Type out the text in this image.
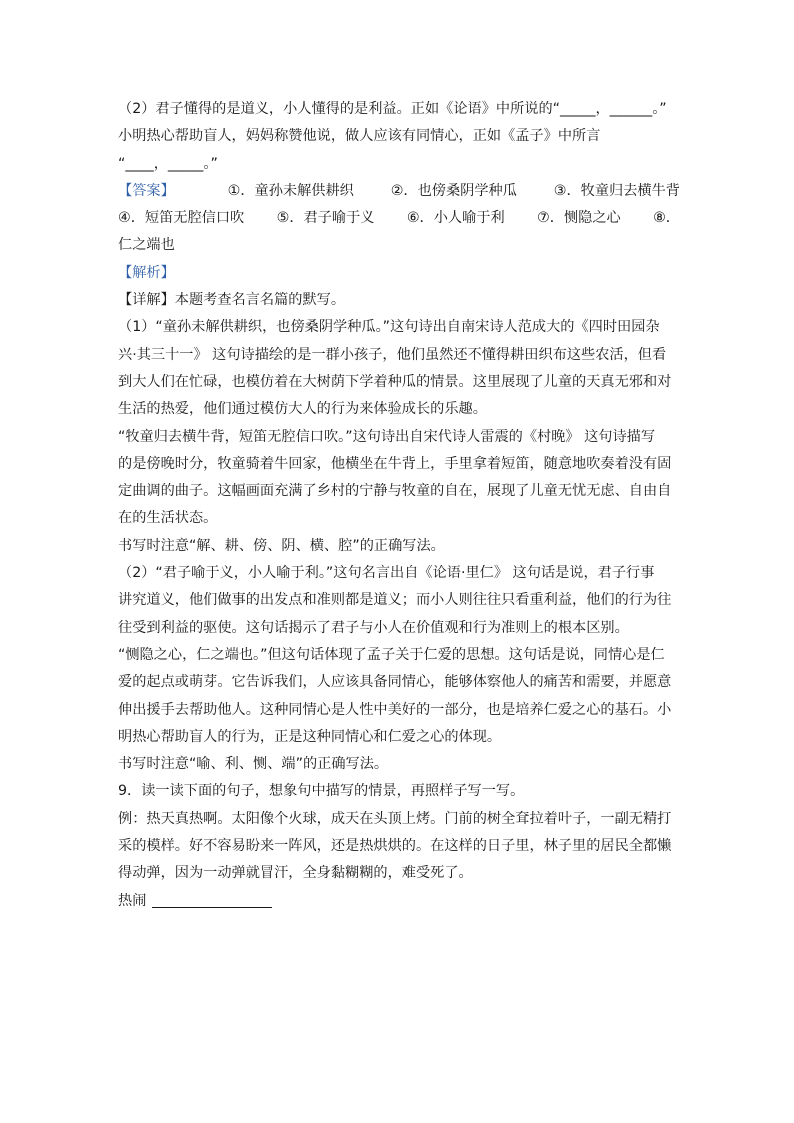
（2）君子懂得的是道义，小人懂得的是利益。正如《论语》中所说的“_____，______。”
小明热心帮助盲人，妈妈称赞他说，做人应该有同情心，正如《孟子》中所言
“____，_____。”
【答案】	①．童孙未解供耕织	②．也傍桑阴学种瓜	③．牧童归去横牛背
④．短笛无腔信口吹 ⑤．君子喻于义 ⑥．小人喻于利 ⑦．恻隐之心 ⑧．
仁之端也
【解析】
【详解】本题考查名言名篇的默写。
（1）“童孙未解供耕织，也傍桑阴学种瓜。”这句诗出自南宋诗人范成大的《四时田园杂
兴·其三十一》 这句诗描绘的是一群小孩子，他们虽然还不懂得耕田织布这些农活，但看
到大人们在忙碌，也模仿着在大树荫下学着种瓜的情景。这里展现了儿童的天真无邪和对
生活的热爱，他们通过模仿大人的行为来体验成长的乐趣。
“牧童归去横牛背，短笛无腔信口吹。”这句诗出自宋代诗人雷震的《村晚》 这句诗描写
的是傍晚时分，牧童骑着牛回家，他横坐在牛背上，手里拿着短笛，随意地吹奏着没有固
定曲调的曲子。这幅画面充满了乡村的宁静与牧童的自在，展现了儿童无忧无虑、自由自
在的生活状态。
书写时注意“解、耕、傍、阴、横、腔”的正确写法。
（2）“君子喻于义，小人喻于利。”这句名言出自《论语·里仁》 这句话是说，君子行事
讲究道义，他们做事的出发点和准则都是道义；而小人则往往只看重利益，他们的行为往
往受到利益的驱使。这句话揭示了君子与小人在价值观和行为准则上的根本区别。
“恻隐之心，仁之端也。”但这句话体现了孟子关于仁爱的思想。这句话是说，同情心是仁
爱的起点或萌芽。它告诉我们，人应该具备同情心，能够体察他人的痛苦和需要，并愿意
伸出援手去帮助他人。这种同情心是人性中美好的一部分，也是培养仁爱之心的基石。小
明热心帮助盲人的行为，正是这种同情心和仁爱之心的体现。
书写时注意“喻、利、恻、端”的正确写法。
9．读一读下面的句子，想象句中描写的情景，再照样子写一写。
例：热天真热啊。太阳像个火球，成天在头顶上烤。门前的树全耷拉着叶子，一副无精打
采的模样。好不容易盼来一阵风，还是热烘烘的。在这样的日子里，林子里的居民全都懒
得动弹，因为一动弹就冒汗，全身黏糊糊的，难受死了。
热闹
